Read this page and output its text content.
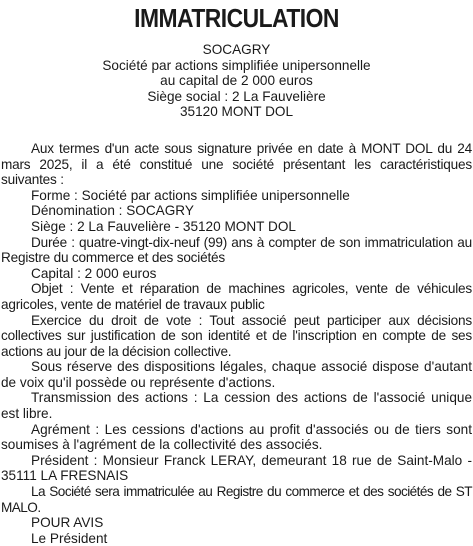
IMMATRICULATION
SOCAGRY
Société par actions simplifiée unipersonnelle
au capital de 2 000 euros
Siège social : 2 La Fauvelière
35120 MONT DOL

Aux termes d'un acte sous signature privée en date à MONT DOL du 24 mars 2025, il a été constitué une société présentant les caractéristiques suivantes :

Forme : Société par actions simplifiée unipersonnelle

Dénomination : SOCAGRY

Siège : 2 La Fauvelière - 35120 MONT DOL

Durée : quatre-vingt-dix-neuf (99) ans à compter de son immatriculation au Registre du commerce et des sociétés

Capital : 2 000 euros

Objet : Vente et réparation de machines agricoles, vente de véhicules agricoles, vente de matériel de travaux public

Exercice du droit de vote : Tout associé peut participer aux décisions collectives sur justification de son identité et de l'inscription en compte de ses actions au jour de la décision collective.

Sous réserve des dispositions légales, chaque associé dispose d'autant de voix qu'il possède ou représente d'actions.

Transmission des actions : La cession des actions de l'associé unique est libre.

Agrément : Les cessions d'actions au profit d'associés ou de tiers sont soumises à l'agrément de la collectivité des associés.

Président : Monsieur Franck LERAY, demeurant 18 rue de Saint-Malo - 35111 LA FRESNAIS

La Société sera immatriculée au Registre du commerce et des sociétés de ST MALO.

POUR AVIS

Le Président
